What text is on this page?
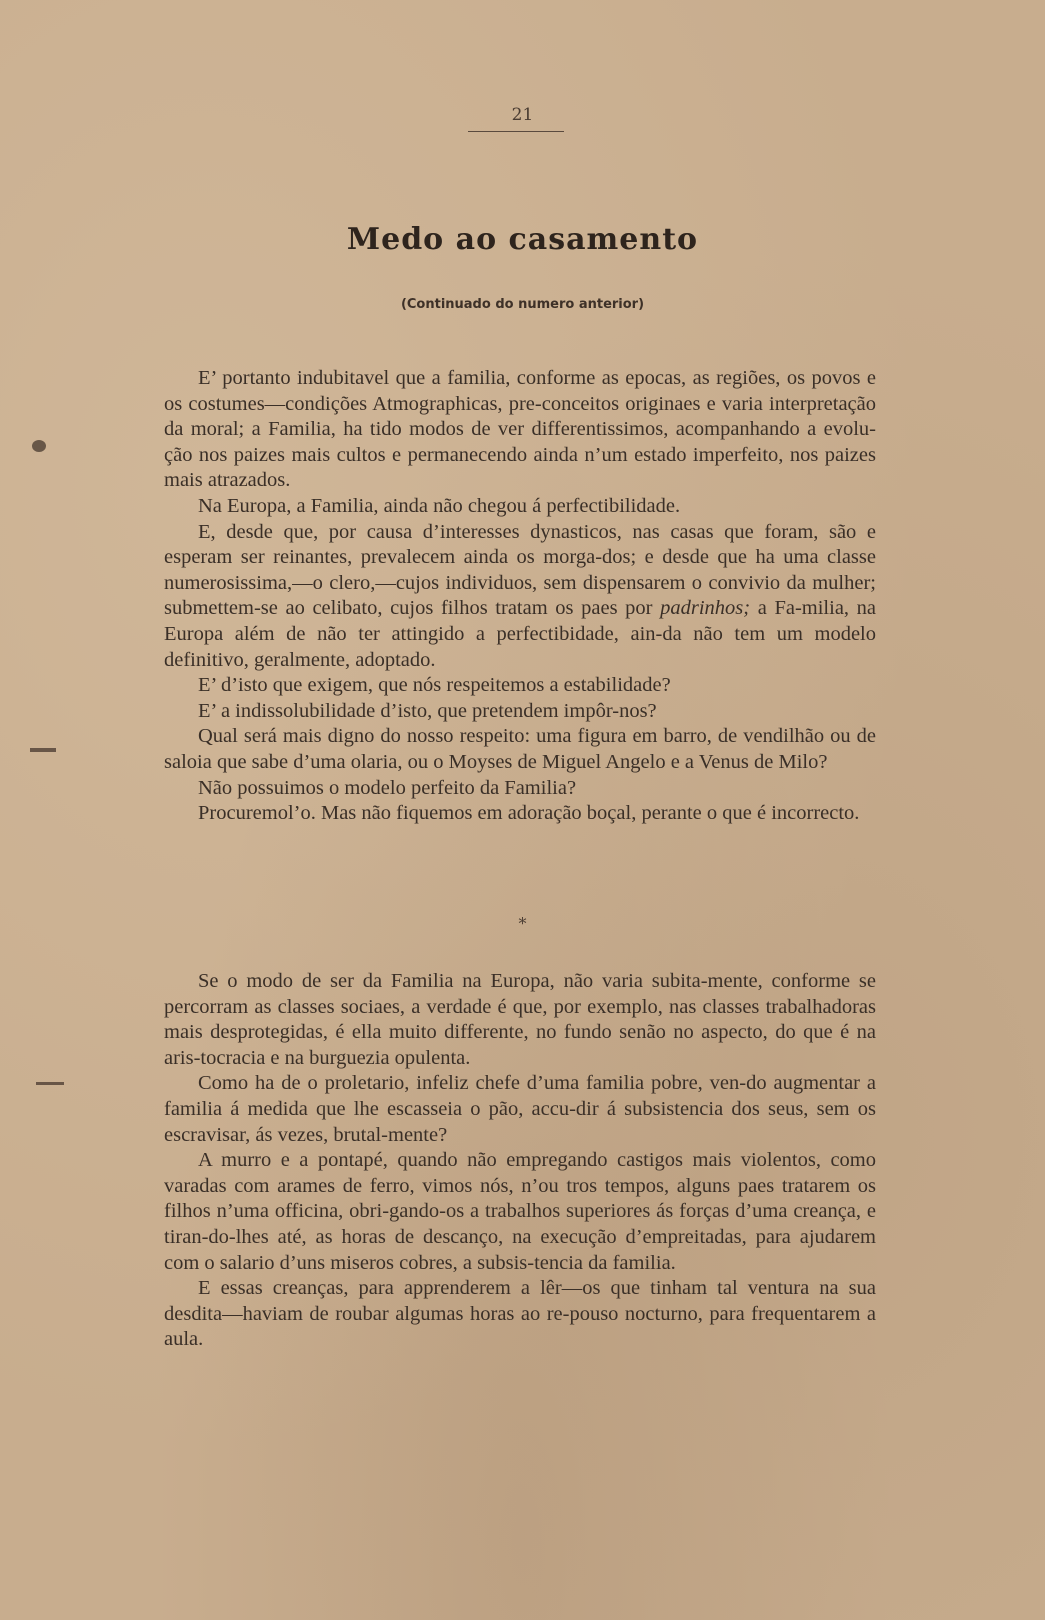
21
Medo ao casamento
(Continuado do numero anterior)

E’ portanto indubitavel que a familia, conforme as epocas, as regiões, os povos e os costumes—condições Atmographicas, pre-conceitos originaes e varia interpretação da moral; a Familia, ha tido modos de ver differentissimos, acompanhando a evolu-ção nos paizes mais cultos e permanecendo ainda n’um estado imperfeito, nos paizes mais atrazados.

Na Europa, a Familia, ainda não chegou á perfectibilidade.

E, desde que, por causa d’interesses dynasticos, nas casas que foram, são e esperam ser reinantes, prevalecem ainda os morga-dos; e desde que ha uma classe numerosissima,—o clero,—cujos individuos, sem dispensarem o convivio da mulher; submettem-se ao celibato, cujos filhos tratam os paes por padrinhos; a Fa-milia, na Europa além de não ter attingido a perfectibidade, ain-da não tem um modelo definitivo, geralmente, adoptado.

E’ d’isto que exigem, que nós respeitemos a estabilidade?

E’ a indissolubilidade d’isto, que pretendem impôr-nos?

Qual será mais digno do nosso respeito: uma figura em barro, de vendilhão ou de saloia que sabe d’uma olaria, ou o Moyses de Miguel Angelo e a Venus de Milo?

Não possuimos o modelo perfeito da Familia?

Procuremol’o. Mas não fiquemos em adoração boçal, perante o que é incorrecto.

*

Se o modo de ser da Familia na Europa, não varia subita-mente, conforme se percorram as classes sociaes, a verdade é que, por exemplo, nas classes trabalhadoras mais desprotegidas, é ella muito differente, no fundo senão no aspecto, do que é na aris-tocracia e na burguezia opulenta.

Como ha de o proletario, infeliz chefe d’uma familia pobre, ven-do augmentar a familia á medida que lhe escasseia o pão, accu-dir á subsistencia dos seus, sem os escravisar, ás vezes, brutal-mente?

A murro e a pontapé, quando não empregando castigos mais violentos, como varadas com arames de ferro, vimos nós, n’ou tros tempos, alguns paes tratarem os filhos n’uma officina, obri-gando-os a trabalhos superiores ás forças d’uma creança, e tiran-do-lhes até, as horas de descanço, na execução d’empreitadas, para ajudarem com o salario d’uns miseros cobres, a subsis-tencia da familia.

E essas creanças, para apprenderem a lêr—os que tinham tal ventura na sua desdita—haviam de roubar algumas horas ao re-pouso nocturno, para frequentarem a aula.
